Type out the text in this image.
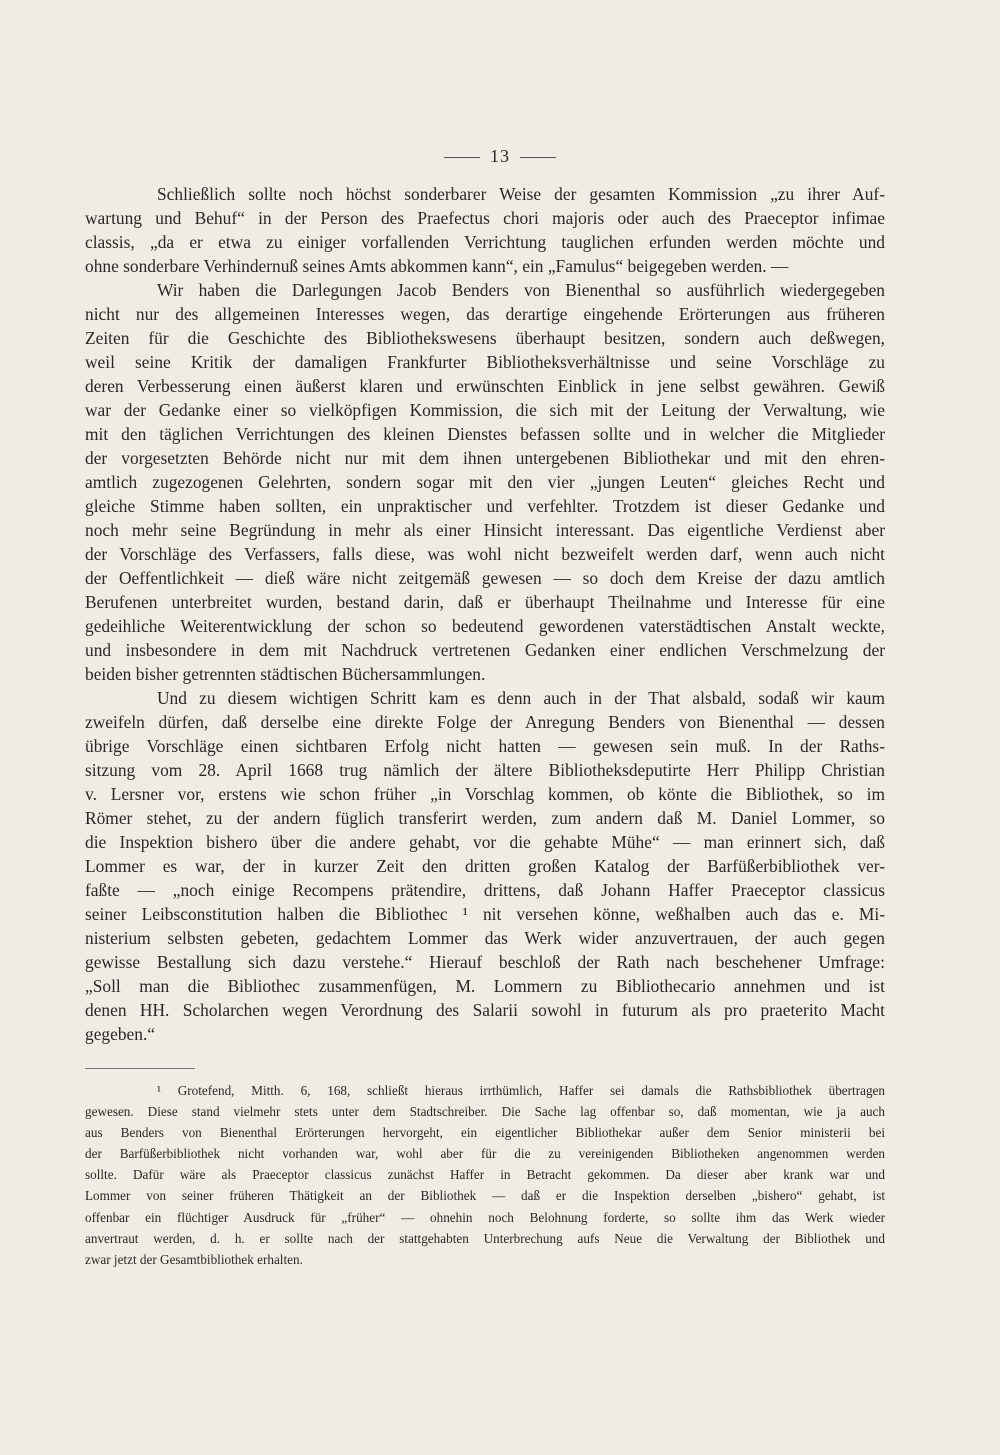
13
Schließlich sollte noch höchst sonderbarer Weise der gesamten Kommission „zu ihrer Auf-
wartung und Behuf“ in der Person des Praefectus chori majoris oder auch des Praeceptor infimae
classis, „da er etwa zu einiger vorfallenden Verrichtung tauglichen erfunden werden möchte und
ohne sonderbare Verhindernuß seines Amts abkommen kann“, ein „Famulus“ beigegeben werden. —
Wir haben die Darlegungen Jacob Benders von Bienenthal so ausführlich wiedergegeben
nicht nur des allgemeinen Interesses wegen, das derartige eingehende Erörterungen aus früheren
Zeiten für die Geschichte des Bibliothekswesens überhaupt besitzen, sondern auch deßwegen,
weil seine Kritik der damaligen Frankfurter Bibliotheksverhältnisse und seine Vorschläge zu
deren Verbesserung einen äußerst klaren und erwünschten Einblick in jene selbst gewähren. Gewiß
war der Gedanke einer so vielköpfigen Kommission, die sich mit der Leitung der Verwaltung, wie
mit den täglichen Verrichtungen des kleinen Dienstes befassen sollte und in welcher die Mitglieder
der vorgesetzten Behörde nicht nur mit dem ihnen untergebenen Bibliothekar und mit den ehren-
amtlich zugezogenen Gelehrten, sondern sogar mit den vier „jungen Leuten“ gleiches Recht und
gleiche Stimme haben sollten, ein unpraktischer und verfehlter. Trotzdem ist dieser Gedanke und
noch mehr seine Begründung in mehr als einer Hinsicht interessant. Das eigentliche Verdienst aber
der Vorschläge des Verfassers, falls diese, was wohl nicht bezweifelt werden darf, wenn auch nicht
der Oeffentlichkeit — dieß wäre nicht zeitgemäß gewesen — so doch dem Kreise der dazu amtlich
Berufenen unterbreitet wurden, bestand darin, daß er überhaupt Theilnahme und Interesse für eine
gedeihliche Weiterentwicklung der schon so bedeutend gewordenen vaterstädtischen Anstalt weckte,
und insbesondere in dem mit Nachdruck vertretenen Gedanken einer endlichen Verschmelzung der
beiden bisher getrennten städtischen Büchersammlungen.
Und zu diesem wichtigen Schritt kam es denn auch in der That alsbald, sodaß wir kaum
zweifeln dürfen, daß derselbe eine direkte Folge der Anregung Benders von Bienenthal — dessen
übrige Vorschläge einen sichtbaren Erfolg nicht hatten — gewesen sein muß. In der Raths-
sitzung vom 28. April 1668 trug nämlich der ältere Bibliotheksdeputirte Herr Philipp Christian
v. Lersner vor, erstens wie schon früher „in Vorschlag kommen, ob könte die Bibliothek, so im
Römer stehet, zu der andern füglich transferirt werden, zum andern daß M. Daniel Lommer, so
die Inspektion bishero über die andere gehabt, vor die gehabte Mühe“ — man erinnert sich, daß
Lommer es war, der in kurzer Zeit den dritten großen Katalog der Barfüßerbibliothek ver-
faßte — „noch einige Recompens prätendire, drittens, daß Johann Haffer Praeceptor classicus
seiner Leibsconstitution halben die Bibliothec ¹ nit versehen könne, weßhalben auch das e. Mi-
nisterium selbsten gebeten, gedachtem Lommer das Werk wider anzuvertrauen, der auch gegen
gewisse Bestallung sich dazu verstehe.“ Hierauf beschloß der Rath nach beschehener Umfrage:
„Soll man die Bibliothec zusammenfügen, M. Lommern zu Bibliothecario annehmen und ist
denen HH. Scholarchen wegen Verordnung des Salarii sowohl in futurum als pro praeterito Macht
gegeben.“
¹ Grotefend, Mitth. 6, 168, schließt hieraus irrthümlich, Haffer sei damals die Rathsbibliothek übertragen
gewesen. Diese stand vielmehr stets unter dem Stadtschreiber. Die Sache lag offenbar so, daß momentan, wie ja auch
aus Benders von Bienenthal Erörterungen hervorgeht, ein eigentlicher Bibliothekar außer dem Senior ministerii bei
der Barfüßerbibliothek nicht vorhanden war, wohl aber für die zu vereinigenden Bibliotheken angenommen werden
sollte. Dafür wäre als Praeceptor classicus zunächst Haffer in Betracht gekommen. Da dieser aber krank war und
Lommer von seiner früheren Thätigkeit an der Bibliothek — daß er die Inspektion derselben „bishero“ gehabt, ist
offenbar ein flüchtiger Ausdruck für „früher“ — ohnehin noch Belohnung forderte, so sollte ihm das Werk wieder
anvertraut werden, d. h. er sollte nach der stattgehabten Unterbrechung aufs Neue die Verwaltung der Bibliothek und
zwar jetzt der Gesamtbibliothek erhalten.
